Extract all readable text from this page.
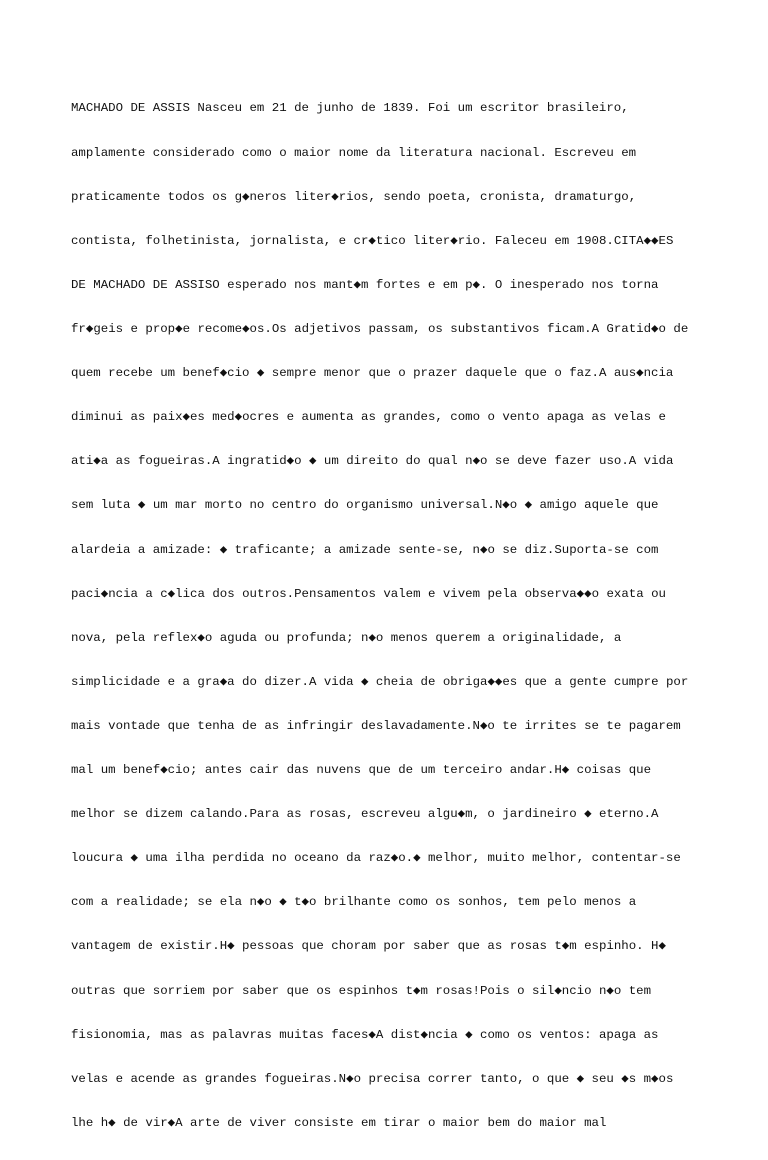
MACHADO DE ASSIS Nasceu em 21 de junho de 1839. Foi um escritor brasileiro,

amplamente considerado como o maior nome da literatura nacional. Escreveu em

praticamente todos os g◆neros liter◆rios, sendo poeta, cronista, dramaturgo,

contista, folhetinista, jornalista, e cr◆tico liter◆rio. Faleceu em 1908.CITA◆◆ES

DE MACHADO DE ASSISO esperado nos mant◆m fortes e em p◆. O inesperado nos torna

fr◆geis e prop◆e recome◆os.Os adjetivos passam, os substantivos ficam.A Gratid◆o de

quem recebe um benef◆cio ◆ sempre menor que o prazer daquele que o faz.A aus◆ncia

diminui as paix◆es med◆ocres e aumenta as grandes, como o vento apaga as velas e

ati◆a as fogueiras.A ingratid◆o ◆ um direito do qual n◆o se deve fazer uso.A vida

sem luta ◆ um mar morto no centro do organismo universal.N◆o ◆ amigo aquele que

alardeia a amizade: ◆ traficante; a amizade sente-se, n◆o se diz.Suporta-se com

paci◆ncia a c◆lica dos outros.Pensamentos valem e vivem pela observa◆◆o exata ou

nova, pela reflex◆o aguda ou profunda; n◆o menos querem a originalidade, a

simplicidade e a gra◆a do dizer.A vida ◆ cheia de obriga◆◆es que a gente cumpre por

mais vontade que tenha de as infringir deslavadamente.N◆o te irrites se te pagarem

mal um benef◆cio; antes cair das nuvens que de um terceiro andar.H◆ coisas que

melhor se dizem calando.Para as rosas, escreveu algu◆m, o jardineiro ◆ eterno.A

loucura ◆ uma ilha perdida no oceano da raz◆o.◆ melhor, muito melhor, contentar-se

com a realidade; se ela n◆o ◆ t◆o brilhante como os sonhos, tem pelo menos a

vantagem de existir.H◆ pessoas que choram por saber que as rosas t◆m espinho. H◆

outras que sorriem por saber que os espinhos t◆m rosas!Pois o sil◆ncio n◆o tem

fisionomia, mas as palavras muitas faces◆A dist◆ncia ◆ como os ventos: apaga as

velas e acende as grandes fogueiras.N◆o precisa correr tanto, o que ◆ seu ◆s m◆os

lhe h◆ de vir◆A arte de viver consiste em tirar o maior bem do maior mal
